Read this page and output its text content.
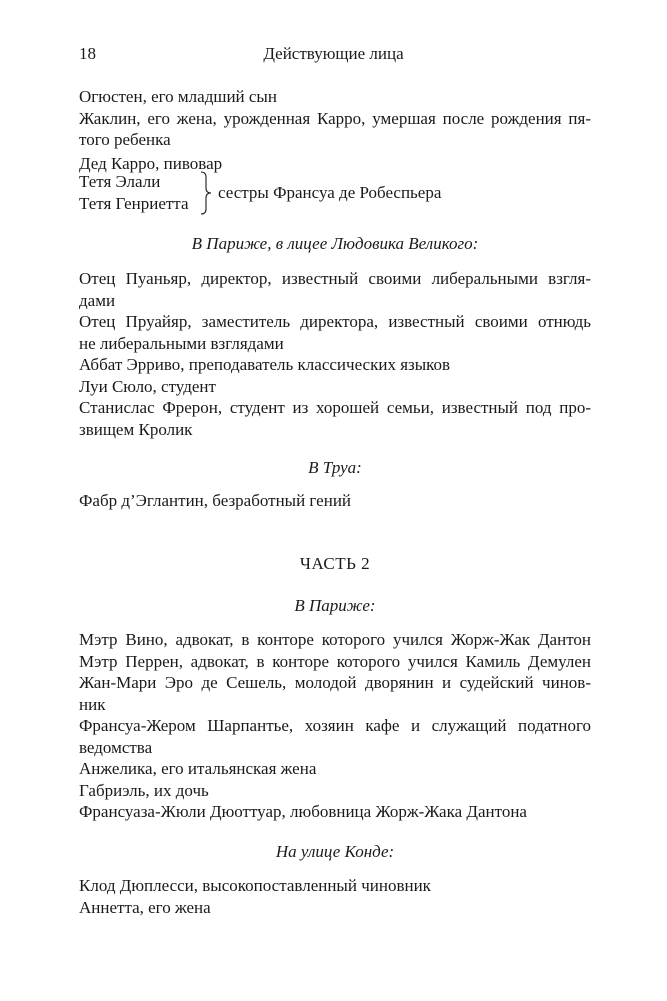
18	Действующие лица
Огюстен, его младший сын
Жаклин, его жена, урожденная Карро, умершая после рождения пя-
того ребенка
Дед Карро, пивовар
Тетя Элали
Тетя Генриетта
сестры Франсуа де Робеспьера
В Париже, в лицее Людовика Великого:
Отец Пуаньяр, директор, известный своими либеральными взгля-
дами
Отец Пруайяр, заместитель директора, известный своими отнюдь
не либеральными взглядами
Аббат Эрриво, преподаватель классических языков
Луи Сюло, студент
Станислас Фрерон, студент из хорошей семьи, известный под про-
звищем Кролик
В Труа:
Фабр д’Эглантин, безработный гений
ЧАСТЬ 2
В Париже:
Мэтр Вино, адвокат, в конторе которого учился Жорж-Жак Дантон
Мэтр Перрен, адвокат, в конторе которого учился Камиль Демулен
Жан-Мари Эро де Сешель, молодой дворянин и судейский чинов-
ник
Франсуа-Жером Шарпантье, хозяин кафе и служащий податного
ведомства
Анжелика, его итальянская жена
Габриэль, их дочь
Франсуаза-Жюли Дюоттуар, любовница Жорж-Жака Дантона
На улице Конде:
Клод Дюплесси, высокопоставленный чиновник
Аннетта, его жена
